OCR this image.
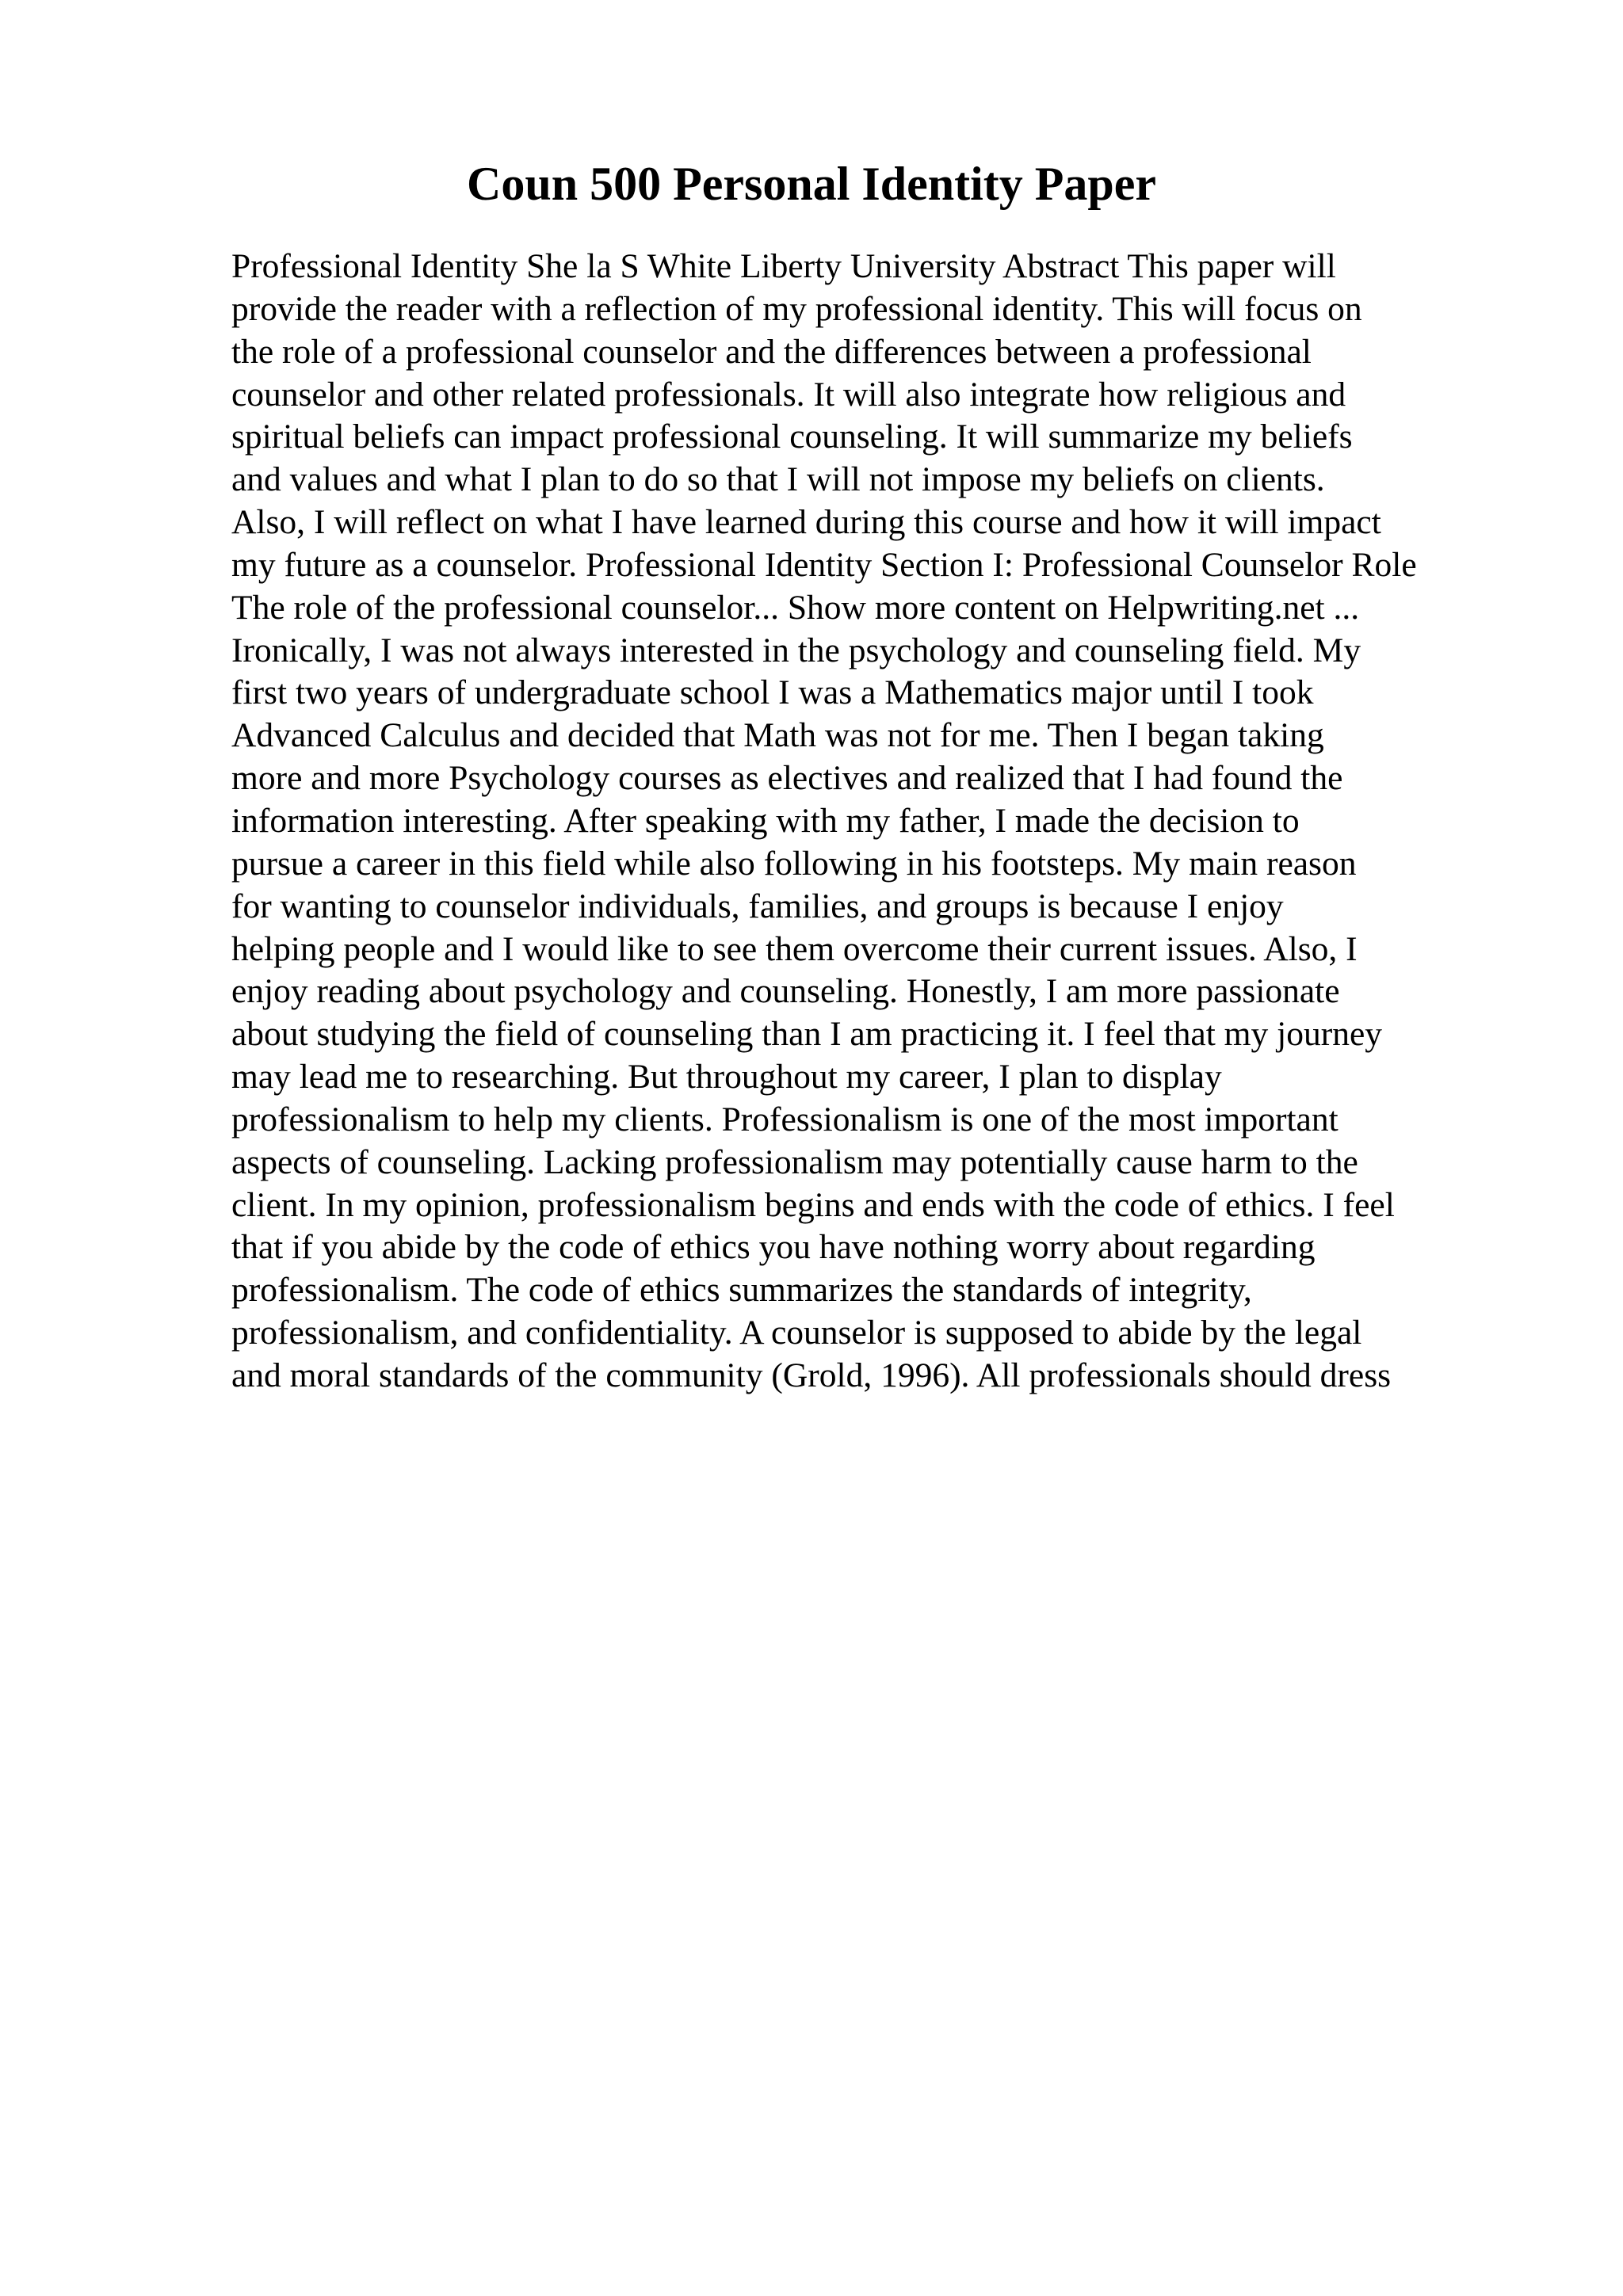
Coun 500 Personal Identity Paper
Professional Identity She la S White Liberty University Abstract This paper will
provide the reader with a reflection of my professional identity. This will focus on
the role of a professional counselor and the differences between a professional
counselor and other related professionals. It will also integrate how religious and
spiritual beliefs can impact professional counseling. It will summarize my beliefs
and values and what I plan to do so that I will not impose my beliefs on clients.
Also, I will reflect on what I have learned during this course and how it will impact
my future as a counselor. Professional Identity Section I: Professional Counselor Role
The role of the professional counselor... Show more content on Helpwriting.net ...
Ironically, I was not always interested in the psychology and counseling field. My
first two years of undergraduate school I was a Mathematics major until I took
Advanced Calculus and decided that Math was not for me. Then I began taking
more and more Psychology courses as electives and realized that I had found the
information interesting. After speaking with my father, I made the decision to
pursue a career in this field while also following in his footsteps. My main reason
for wanting to counselor individuals, families, and groups is because I enjoy
helping people and I would like to see them overcome their current issues. Also, I
enjoy reading about psychology and counseling. Honestly, I am more passionate
about studying the field of counseling than I am practicing it. I feel that my journey
may lead me to researching. But throughout my career, I plan to display
professionalism to help my clients. Professionalism is one of the most important
aspects of counseling. Lacking professionalism may potentially cause harm to the
client. In my opinion, professionalism begins and ends with the code of ethics. I feel
that if you abide by the code of ethics you have nothing worry about regarding
professionalism. The code of ethics summarizes the standards of integrity,
professionalism, and confidentiality. A counselor is supposed to abide by the legal
and moral standards of the community (Grold, 1996). All professionals should dress
